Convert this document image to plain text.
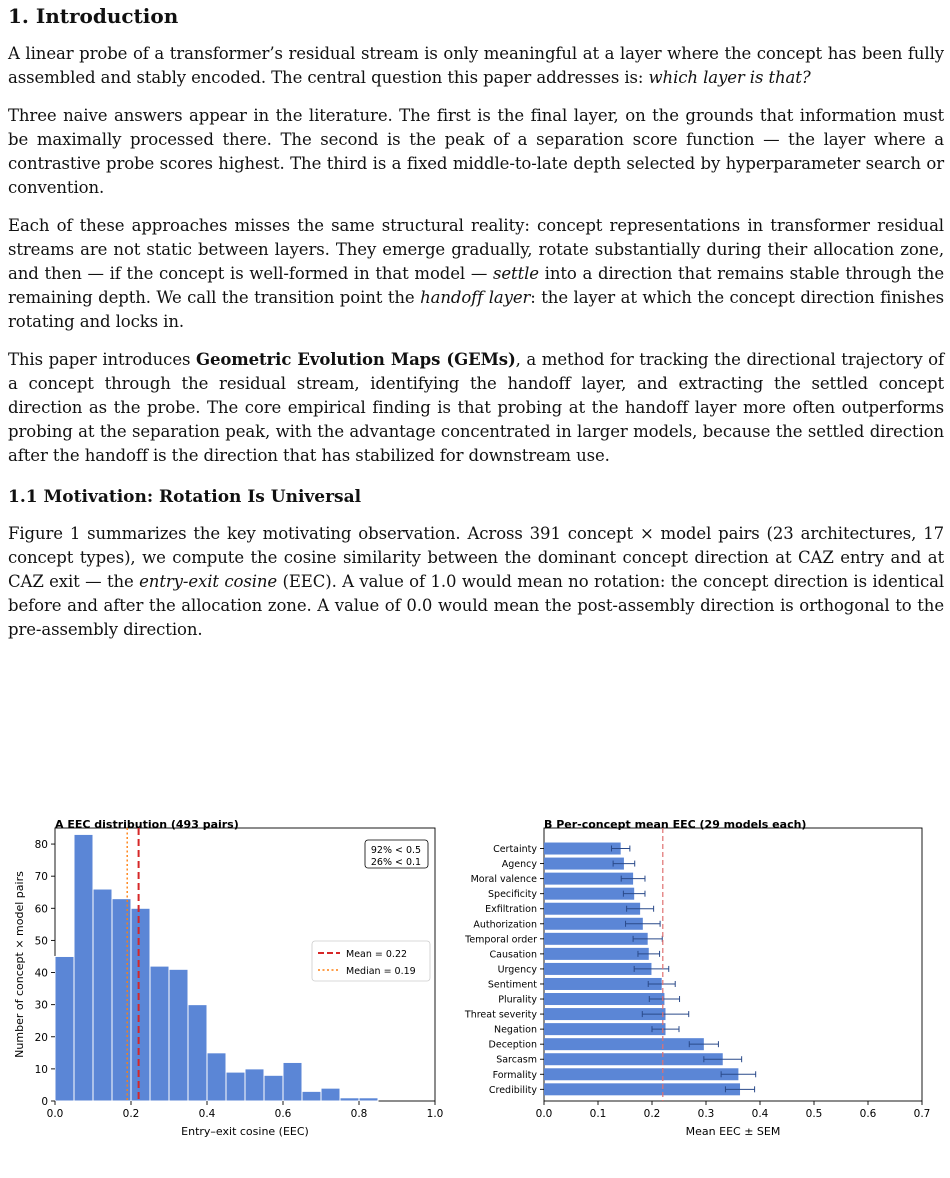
1. Introduction

A linear probe of a transformer’s residual stream is only meaningful at a layer where the concept has been fully assembled and stably encoded. The central question this paper addresses is: which layer is that?

Three naive answers appear in the literature. The first is the final layer, on the grounds that information must be maximally processed there. The second is the peak of a separation score function — the layer where a contrastive probe scores highest. The third is a fixed middle-to-late depth selected by hyperparameter search or convention.

Each of these approaches misses the same structural reality: concept representations in transformer residual streams are not static between layers. They emerge gradually, rotate substantially during their allocation zone, and then — if the concept is well-formed in that model — settle into a direction that remains stable through the remaining depth. We call the transition point the handoff layer: the layer at which the concept direction finishes rotating and locks in.

This paper introduces Geometric Evolution Maps (GEMs), a method for tracking the directional trajectory of a concept through the residual stream, identifying the handoff layer, and extracting the settled concept direction as the probe. The core empirical finding is that probing at the handoff layer more often outperforms probing at the separation peak, with the advantage concentrated in larger models, because the settled direction after the handoff is the direction that has stabilized for downstream use.

1.1 Motivation: Rotation Is Universal

Figure 1 summarizes the key motivating observation. Across 391 concept × model pairs (23 architectures, 17 concept types), we compute the cosine similarity between the dominant concept direction at CAZ entry and at CAZ exit — the entry-exit cosine (EEC). A value of 1.0 would mean no rotation: the concept direction is identical before and after the allocation zone. A value of 0.0 would mean the post-assembly direction is orthogonal to the pre-assembly direction.

0.0	0.2	0.4	0.6	0.8	1.0
0
10
20
30
40
50
60
70
80
A EEC distribution (493 pairs)
Entry–exit cosine (EEC)
Number of concept × model pairs
92% < 0.5
26% < 0.1
Mean = 0.22
Median = 0.19
Certainty
Agency
Moral valence
Specificity
Exfiltration
Authorization
Temporal order
Causation
Urgency
Sentiment
Plurality
Threat severity
Negation
Deception
Sarcasm
Formality
Credibility
0.0	0.1	0.2	0.3	0.4	0.5	0.6	0.7
B Per-concept mean EEC (29 models each)
Mean EEC ± SEM
